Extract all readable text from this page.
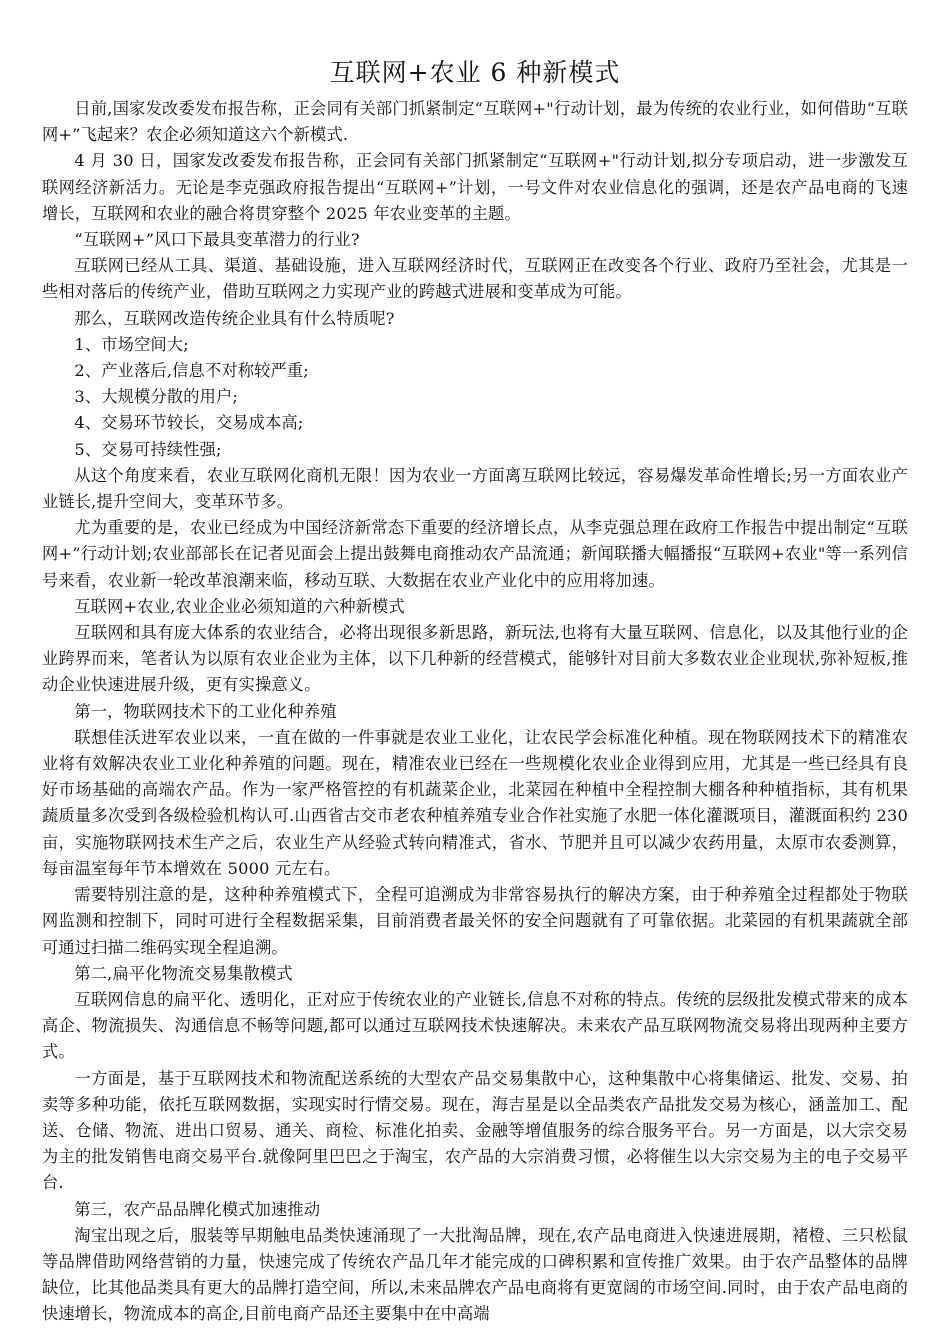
互联网+农业 6 种新模式

日前,国家发改委发布报告称，正会同有关部门抓紧制定“互联网+"行动计划，最为传统的农业行业，如何借助“互联网+”飞起来？农企必须知道这六个新模式.

4 月 30 日，国家发改委发布报告称，正会同有关部门抓紧制定“互联网+"行动计划,拟分专项启动，进一步激发互联网经济新活力。无论是李克强政府报告提出“互联网+”计划，一号文件对农业信息化的强调，还是农产品电商的飞速增长，互联网和农业的融合将贯穿整个 2025 年农业变革的主题。

“互联网+”风口下最具变革潜力的行业?

互联网已经从工具、渠道、基础设施，进入互联网经济时代，互联网正在改变各个行业、政府乃至社会，尤其是一些相对落后的传统产业，借助互联网之力实现产业的跨越式进展和变革成为可能。

那么，互联网改造传统企业具有什么特质呢?

1、市场空间大;

2、产业落后,信息不对称较严重;

3、大规模分散的用户;

4、交易环节较长，交易成本高;

5、交易可持续性强;

从这个角度来看，农业互联网化商机无限！因为农业一方面离互联网比较远，容易爆发革命性增长;另一方面农业产业链长,提升空间大，变革环节多。

尤为重要的是，农业已经成为中国经济新常态下重要的经济增长点，从李克强总理在政府工作报告中提出制定“互联网+”行动计划;农业部部长在记者见面会上提出鼓舞电商推动农产品流通；新闻联播大幅播报“互联网+农业"等一系列信号来看，农业新一轮改革浪潮来临，移动互联、大数据在农业产业化中的应用将加速。

互联网+农业,农业企业必须知道的六种新模式

互联网和具有庞大体系的农业结合，必将出现很多新思路，新玩法,也将有大量互联网、信息化，以及其他行业的企业跨界而来，笔者认为以原有农业企业为主体，以下几种新的经营模式，能够针对目前大多数农业企业现状,弥补短板,推动企业快速进展升级，更有实操意义。

第一，物联网技术下的工业化种养殖

联想佳沃进军农业以来，一直在做的一件事就是农业工业化，让农民学会标准化种植。现在物联网技术下的精准农业将有效解决农业工业化种养殖的问题。现在，精准农业已经在一些规模化农业企业得到应用，尤其是一些已经具有良好市场基础的高端农产品。作为一家严格管控的有机蔬菜企业，北菜园在种植中全程控制大棚各种种植指标，其有机果蔬质量多次受到各级检验机构认可.山西省古交市老农种植养殖专业合作社实施了水肥一体化灌溉项目，灌溉面积约 230 亩，实施物联网技术生产之后，农业生产从经验式转向精准式，省水、节肥并且可以减少农药用量，太原市农委测算，每亩温室每年节本增效在 5000 元左右。

需要特别注意的是，这种种养殖模式下，全程可追溯成为非常容易执行的解决方案，由于种养殖全过程都处于物联网监测和控制下，同时可进行全程数据采集，目前消费者最关怀的安全问题就有了可靠依据。北菜园的有机果蔬就全部可通过扫描二维码实现全程追溯。

第二,扁平化物流交易集散模式

互联网信息的扁平化、透明化，正对应于传统农业的产业链长,信息不对称的特点。传统的层级批发模式带来的成本高企、物流损失、沟通信息不畅等问题,都可以通过互联网技术快速解决。未来农产品互联网物流交易将出现两种主要方式。

一方面是，基于互联网技术和物流配送系统的大型农产品交易集散中心，这种集散中心将集储运、批发、交易、拍卖等多种功能，依托互联网数据，实现实时行情交易。现在，海吉星是以全品类农产品批发交易为核心，涵盖加工、配送、仓储、物流、进出口贸易、通关、商检、标准化拍卖、金融等增值服务的综合服务平台。另一方面是，以大宗交易为主的批发销售电商交易平台.就像阿里巴巴之于淘宝，农产品的大宗消费习惯，必将催生以大宗交易为主的电子交易平台.

第三，农产品品牌化模式加速推动

淘宝出现之后，服装等早期触电品类快速涌现了一大批淘品牌，现在,农产品电商进入快速进展期，褚橙、三只松鼠等品牌借助网络营销的力量，快速完成了传统农产品几年才能完成的口碑积累和宣传推广效果。由于农产品整体的品牌缺位，比其他品类具有更大的品牌打造空间，所以,未来品牌农产品电商将有更宽阔的市场空间.同时，由于农产品电商的快速增长，物流成本的高企,目前电商产品还主要集中在中高端
